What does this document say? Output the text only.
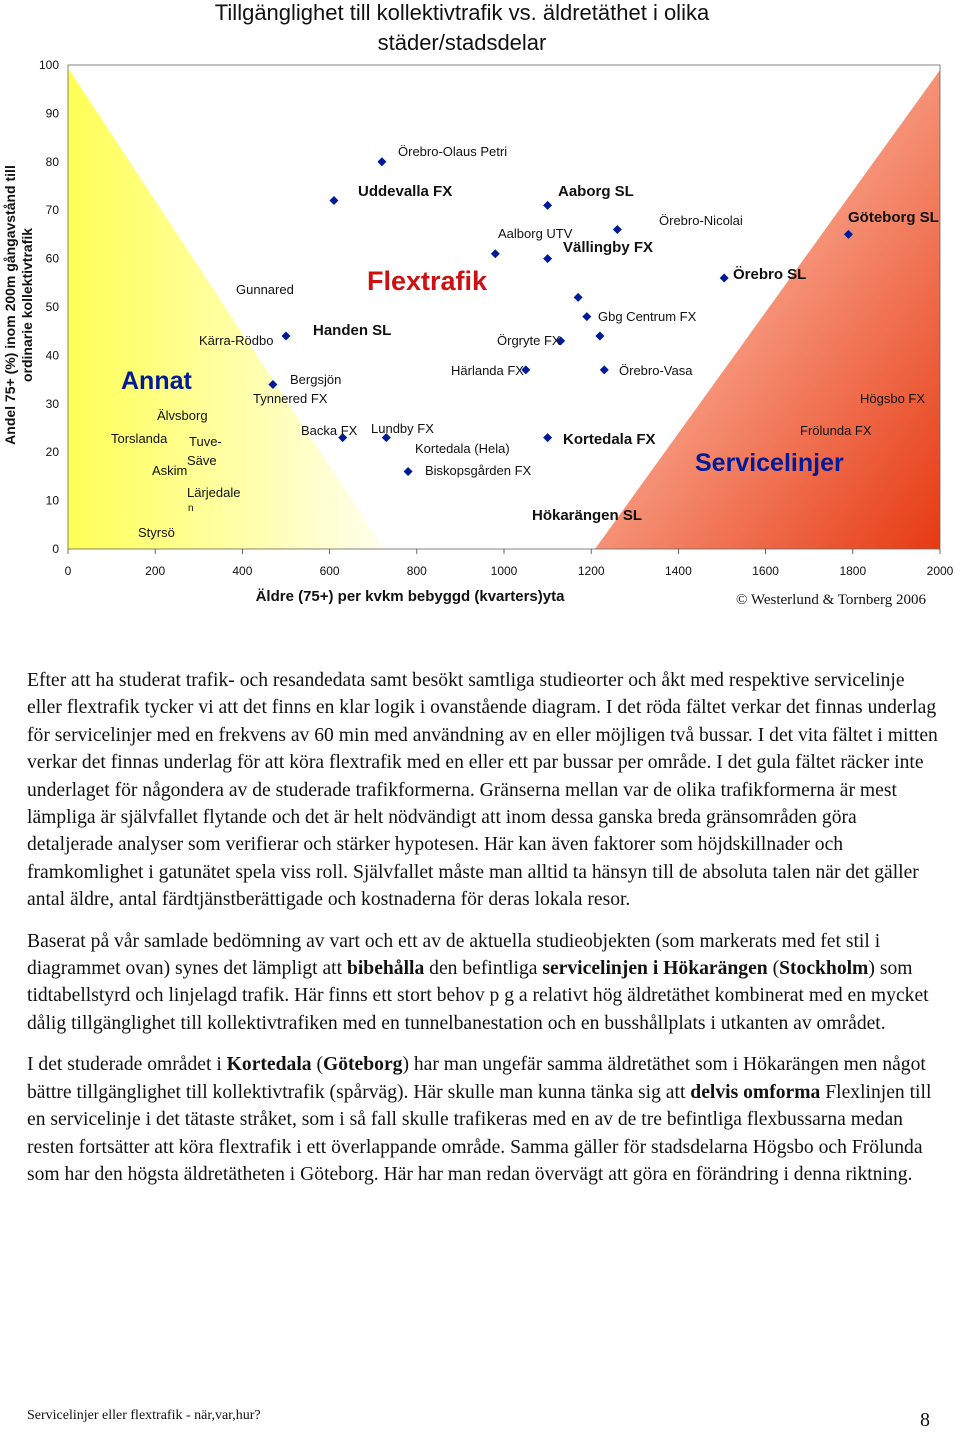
0
10
20
30
40
50
60
70
80
90
100
0	200	400	600	800	1000	1200	1400	1600	1800	2000
Örebro-Olaus Petri
Uddevalla FX	Aaborg SL
Örebro-Nicolai	Göteborg SL
Aalborg UTV
Vällingby FX
Örebro SL
Gunnared
Gbg Centrum FX
Handen SL
Kärra-Rödbo	Örgryte FX
Härlanda FX	Örebro-Vasa
Bergsjön
Tynnered FX	Högsbo FX
Älvsborg
Backa FX Lundby FX	Frölunda FX
Torslanda Tuve-	Kortedala FX
Kortedala (Hela)
Säve
Askim	Biskopsgården FX
Lärjedale
n	Hökarängen SL
Styrsö
Tillgänglighet till kollektivtrafik vs. äldretäthet i olika
städer/stadsdelar
Äldre (75+) per kvkm bebyggd (kvarters)yta
Andel 75+ (%) inom 200m gångavstånd till ordinarie kollektivtrafik	Annat
Flextrafik
Servicelinjer
© Westerlund & Tornberg 2006

Efter att ha studerat trafik- och resandedata samt besökt samtliga studieorter och åkt med respektive servicelinje eller flextrafik tycker vi att det finns en klar logik i ovanstående diagram. I det röda fältet verkar det finnas underlag för servicelinjer med en frekvens av 60 min med användning av en eller möjligen två bussar. I det vita fältet i mitten verkar det finnas underlag för att köra flextrafik med en eller ett par bussar per område. I det gula fältet räcker inte underlaget för någondera av de studerade trafikformerna. Gränserna mellan var de olika trafikformerna är mest lämpliga är självfallet flytande och det är helt nödvändigt att inom dessa ganska breda gränsområden göra detaljerade analyser som verifierar och stärker hypotesen. Här kan även faktorer som höjdskillnader och framkomlighet i gatunätet spela viss roll. Självfallet måste man alltid ta hänsyn till de absoluta talen när det gäller antal äldre, antal färdtjänstberättigade och kostnaderna för deras lokala resor.

Baserat på vår samlade bedömning av vart och ett av de aktuella studieobjekten (som markerats med fet stil i diagrammet ovan) synes det lämpligt att bibehålla den befintliga servicelinjen i Hökarängen (Stockholm) som tidtabellstyrd och linjelagd trafik. Här finns ett stort behov p g a relativt hög äldretäthet kombinerat med en mycket dålig tillgänglighet till kollektivtrafiken med en tunnelbanestation och en busshållplats i utkanten av området.

I det studerade området i Kortedala (Göteborg) har man ungefär samma äldretäthet som i Hökarängen men något bättre tillgänglighet till kollektivtrafik (spårväg). Här skulle man kunna tänka sig att delvis omforma Flexlinjen till en servicelinje i det tätaste stråket, som i så fall skulle trafikeras med en av de tre befintliga flexbussarna medan resten fortsätter att köra flextrafik i ett överlappande område. Samma gäller för stadsdelarna Högsbo och Frölunda som har den högsta äldretätheten i Göteborg. Här har man redan övervägt att göra en förändring i denna riktning.

Servicelinjer eller flextrafik - när,var,hur?	8
